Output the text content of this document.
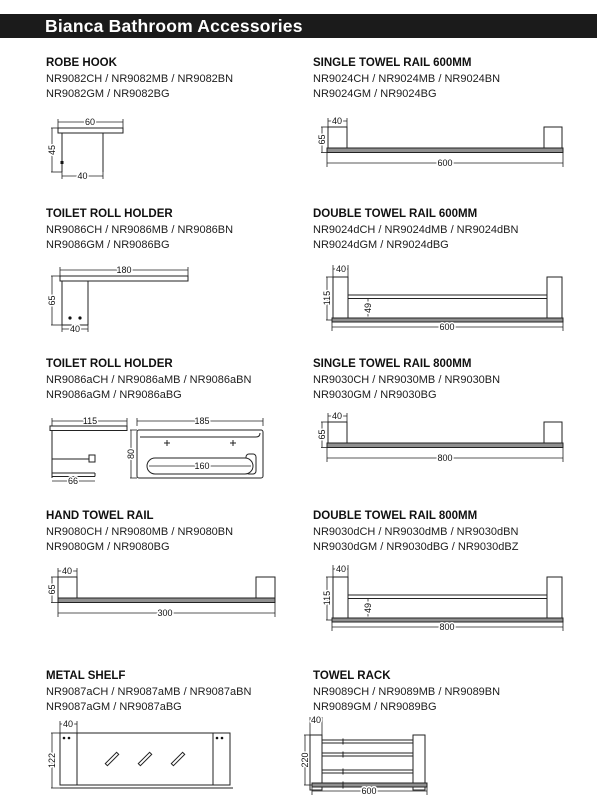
Bianca Bathroom Accessories
ROBE HOOK
NR9082CH / NR9082MB / NR9082BN
NR9082GM / NR9082BG
60
45
40
SINGLE TOWEL RAIL 600MM
NR9024CH / NR9024MB / NR9024BN
NR9024GM / NR9024BG
40
65
600
TOILET ROLL HOLDER
NR9086CH / NR9086MB / NR9086BN
NR9086GM / NR9086BG
180
65
40
DOUBLE TOWEL RAIL 600MM
NR9024dCH / NR9024dMB / NR9024dBN
NR9024dGM / NR9024dBG
40
115
49
600
TOILET ROLL HOLDER
NR9086aCH / NR9086aMB / NR9086aBN
NR9086aGM / NR9086aBG
115
66
185
160
80
SINGLE TOWEL RAIL 800MM
NR9030CH / NR9030MB / NR9030BN
NR9030GM / NR9030BG
40
65
800
HAND TOWEL RAIL
NR9080CH / NR9080MB / NR9080BN
NR9080GM / NR9080BG
40
65
300
DOUBLE TOWEL RAIL 800MM
NR9030dCH / NR9030dMB / NR9030dBN
NR9030dGM / NR9030dBG / NR9030dBZ
40
115
49
800
METAL SHELF
NR9087aCH / NR9087aMB / NR9087aBN
NR9087aGM / NR9087aBG
40
122
TOWEL RACK
NR9089CH / NR9089MB / NR9089BN
NR9089GM / NR9089BG
40
220
600
